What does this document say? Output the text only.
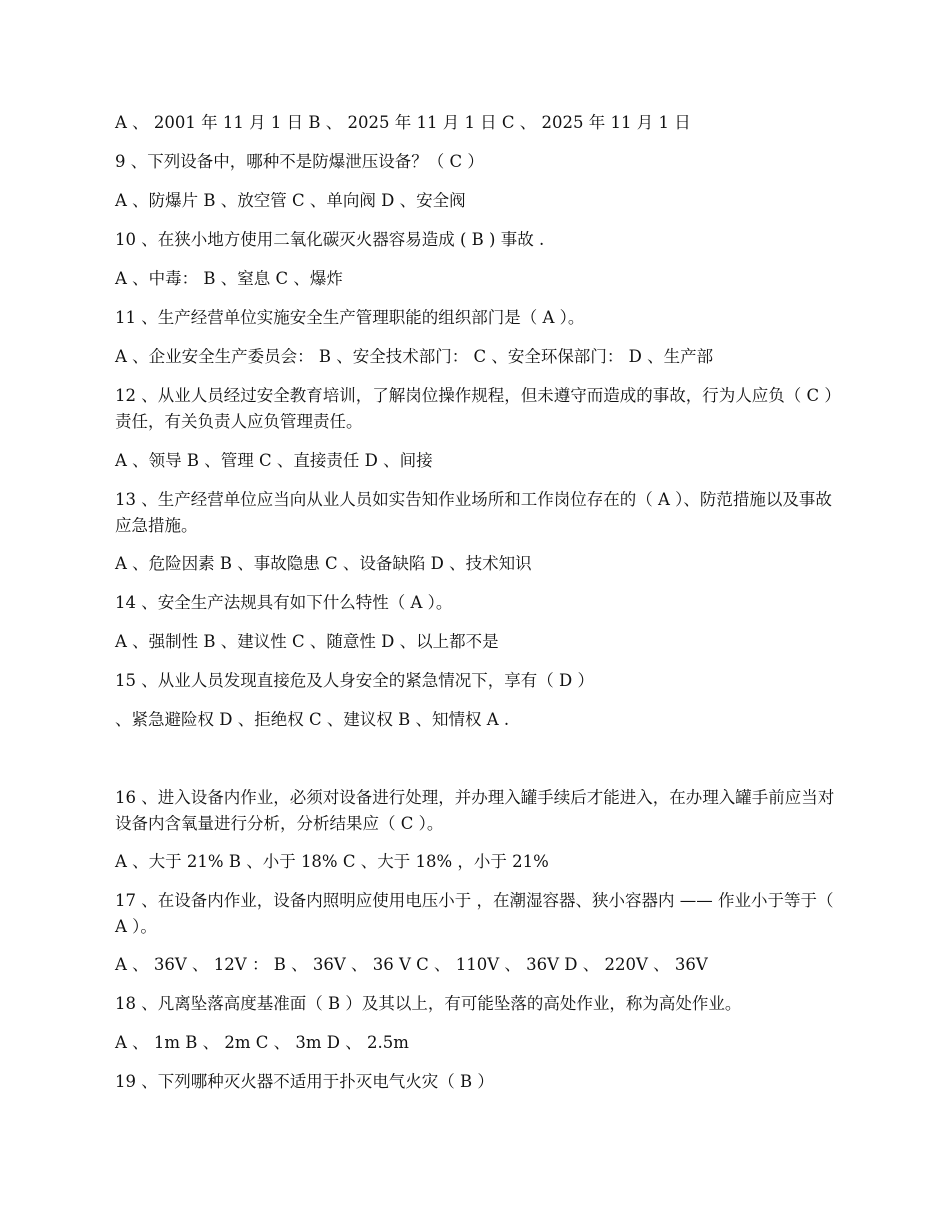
A 、 2001 年 11 月 1 日 B 、 2025 年 11 月 1 日 C 、 2025 年 11 月 1 日
9 、下列设备中，哪种不是防爆泄压设备？（ C ）
A 、防爆片 B 、放空管 C 、单向阀 D 、安全阀
10 、在狭小地方使用二氧化碳灭火器容易造成 ( B ) 事故 .
A 、中毒： B 、窒息 C 、爆炸
11 、生产经营单位实施安全生产管理职能的组织部门是（ A ）。
A 、企业安全生产委员会： B 、安全技术部门： C 、安全环保部门： D 、生产部
12 、从业人员经过安全教育培训，了解岗位操作规程，但未遵守而造成的事故，行为人应负（ C ）责任，有关负责人应负管理责任。
A 、领导 B 、管理 C 、直接责任 D 、间接
13 、生产经营单位应当向从业人员如实告知作业场所和工作岗位存在的（ A ）、防范措施以及事故应急措施。
A 、危险因素 B 、事故隐患 C 、设备缺陷 D 、技术知识
14 、安全生产法规具有如下什么特性（ A ）。
A 、强制性 B 、建议性 C 、随意性 D 、以上都不是
15 、从业人员发现直接危及人身安全的紧急情况下，享有（ D ）
、紧急避险权 D 、拒绝权 C 、建议权 B 、知情权 A .
16 、进入设备内作业，必须对设备进行处理，并办理入罐手续后才能进入，在办理入罐手前应当对设备内含氧量进行分析，分析结果应（ C ）。
A 、大于 21% B 、小于 18% C 、大于 18% ，小于 21%
17 、在设备内作业，设备内照明应使用电压小于 ，在潮湿容器、狭小容器内 —— 作业小于等于（ A ）。
A 、 36V 、 12V ： B 、 36V 、 36 V C 、 110V 、 36V D 、 220V 、 36V
18 、凡离坠落高度基准面（ B ）及其以上，有可能坠落的高处作业，称为高处作业。
A 、 1m B 、 2m C 、 3m D 、 2.5m
19 、下列哪种灭火器不适用于扑灭电气火灾（ B ）
